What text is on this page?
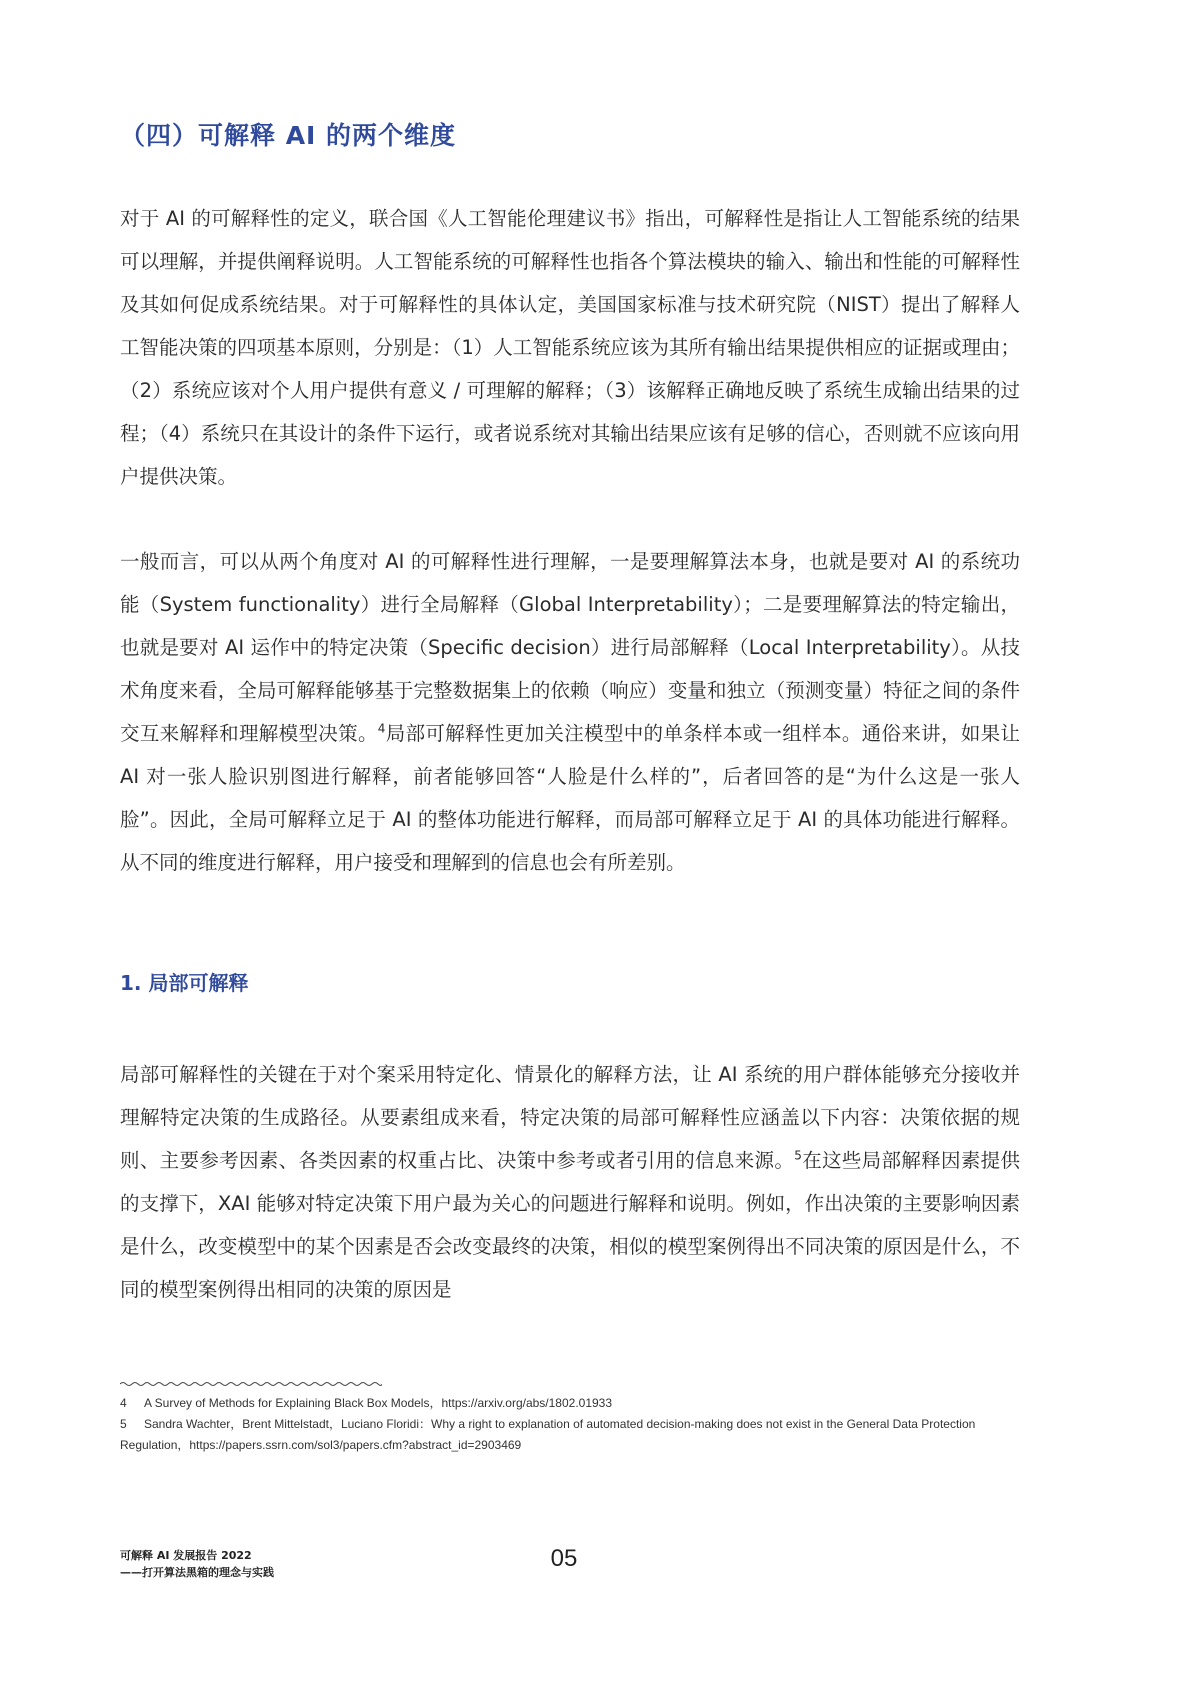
（四）可解释 AI 的两个维度

对于 AI 的可解释性的定义，联合国《人工智能伦理建议书》指出，可解释性是指让人工智能系统的结果可以理解，并提供阐释说明。人工智能系统的可解释性也指各个算法模块的输入、输出和性能的可解释性及其如何促成系统结果。对于可解释性的具体认定，美国国家标准与技术研究院（NIST）提出了解释人工智能决策的四项基本原则，分别是：（1）人工智能系统应该为其所有输出结果提供相应的证据或理由；（2）系统应该对个人用户提供有意义 / 可理解的解释；（3）该解释正确地反映了系统生成输出结果的过程；（4）系统只在其设计的条件下运行，或者说系统对其输出结果应该有足够的信心，否则就不应该向用户提供决策。

一般而言，可以从两个角度对 AI 的可解释性进行理解，一是要理解算法本身，也就是要对 AI 的系统功能（System functionality）进行全局解释（Global Interpretability）；二是要理解算法的特定输出，也就是要对 AI 运作中的特定决策（Specific decision）进行局部解释（Local Interpretability）。从技术角度来看，全局可解释能够基于完整数据集上的依赖（响应）变量和独立（预测变量）特征之间的条件交互来解释和理解模型决策。$^4$局部可解释性更加关注模型中的单条样本或一组样本。通俗来讲，如果让 AI 对一张人脸识别图进行解释，前者能够回答“人脸是什么样的”，后者回答的是“为什么这是一张人脸”。因此，全局可解释立足于 AI 的整体功能进行解释，而局部可解释立足于 AI 的具体功能进行解释。从不同的维度进行解释，用户接受和理解到的信息也会有所差别。

1. 局部可解释

局部可解释性的关键在于对个案采用特定化、情景化的解释方法，让 AI 系统的用户群体能够充分接收并理解特定决策的生成路径。从要素组成来看，特定决策的局部可解释性应涵盖以下内容：决策依据的规则、主要参考因素、各类因素的权重占比、决策中参考或者引用的信息来源。$^5$在这些局部解释因素提供的支撑下，XAI 能够对特定决策下用户最为关心的问题进行解释和说明。例如，作出决策的主要影响因素是什么，改变模型中的某个因素是否会改变最终的决策，相似的模型案例得出不同决策的原因是什么，不同的模型案例得出相同的决策的原因是

4 A Survey of Methods for Explaining Black Box Models，https://arxiv.org/abs/1802.01933

5 Sandra Wachter，Brent Mittelstadt，Luciano Floridi：Why a right to explanation of automated decision-making does not exist in the General Data Protection Regulation，https://papers.ssrn.com/sol3/papers.cfm?abstract_id=2903469

可解释 AI 发展报告 2022
——打开算法黑箱的理念与实践
05
